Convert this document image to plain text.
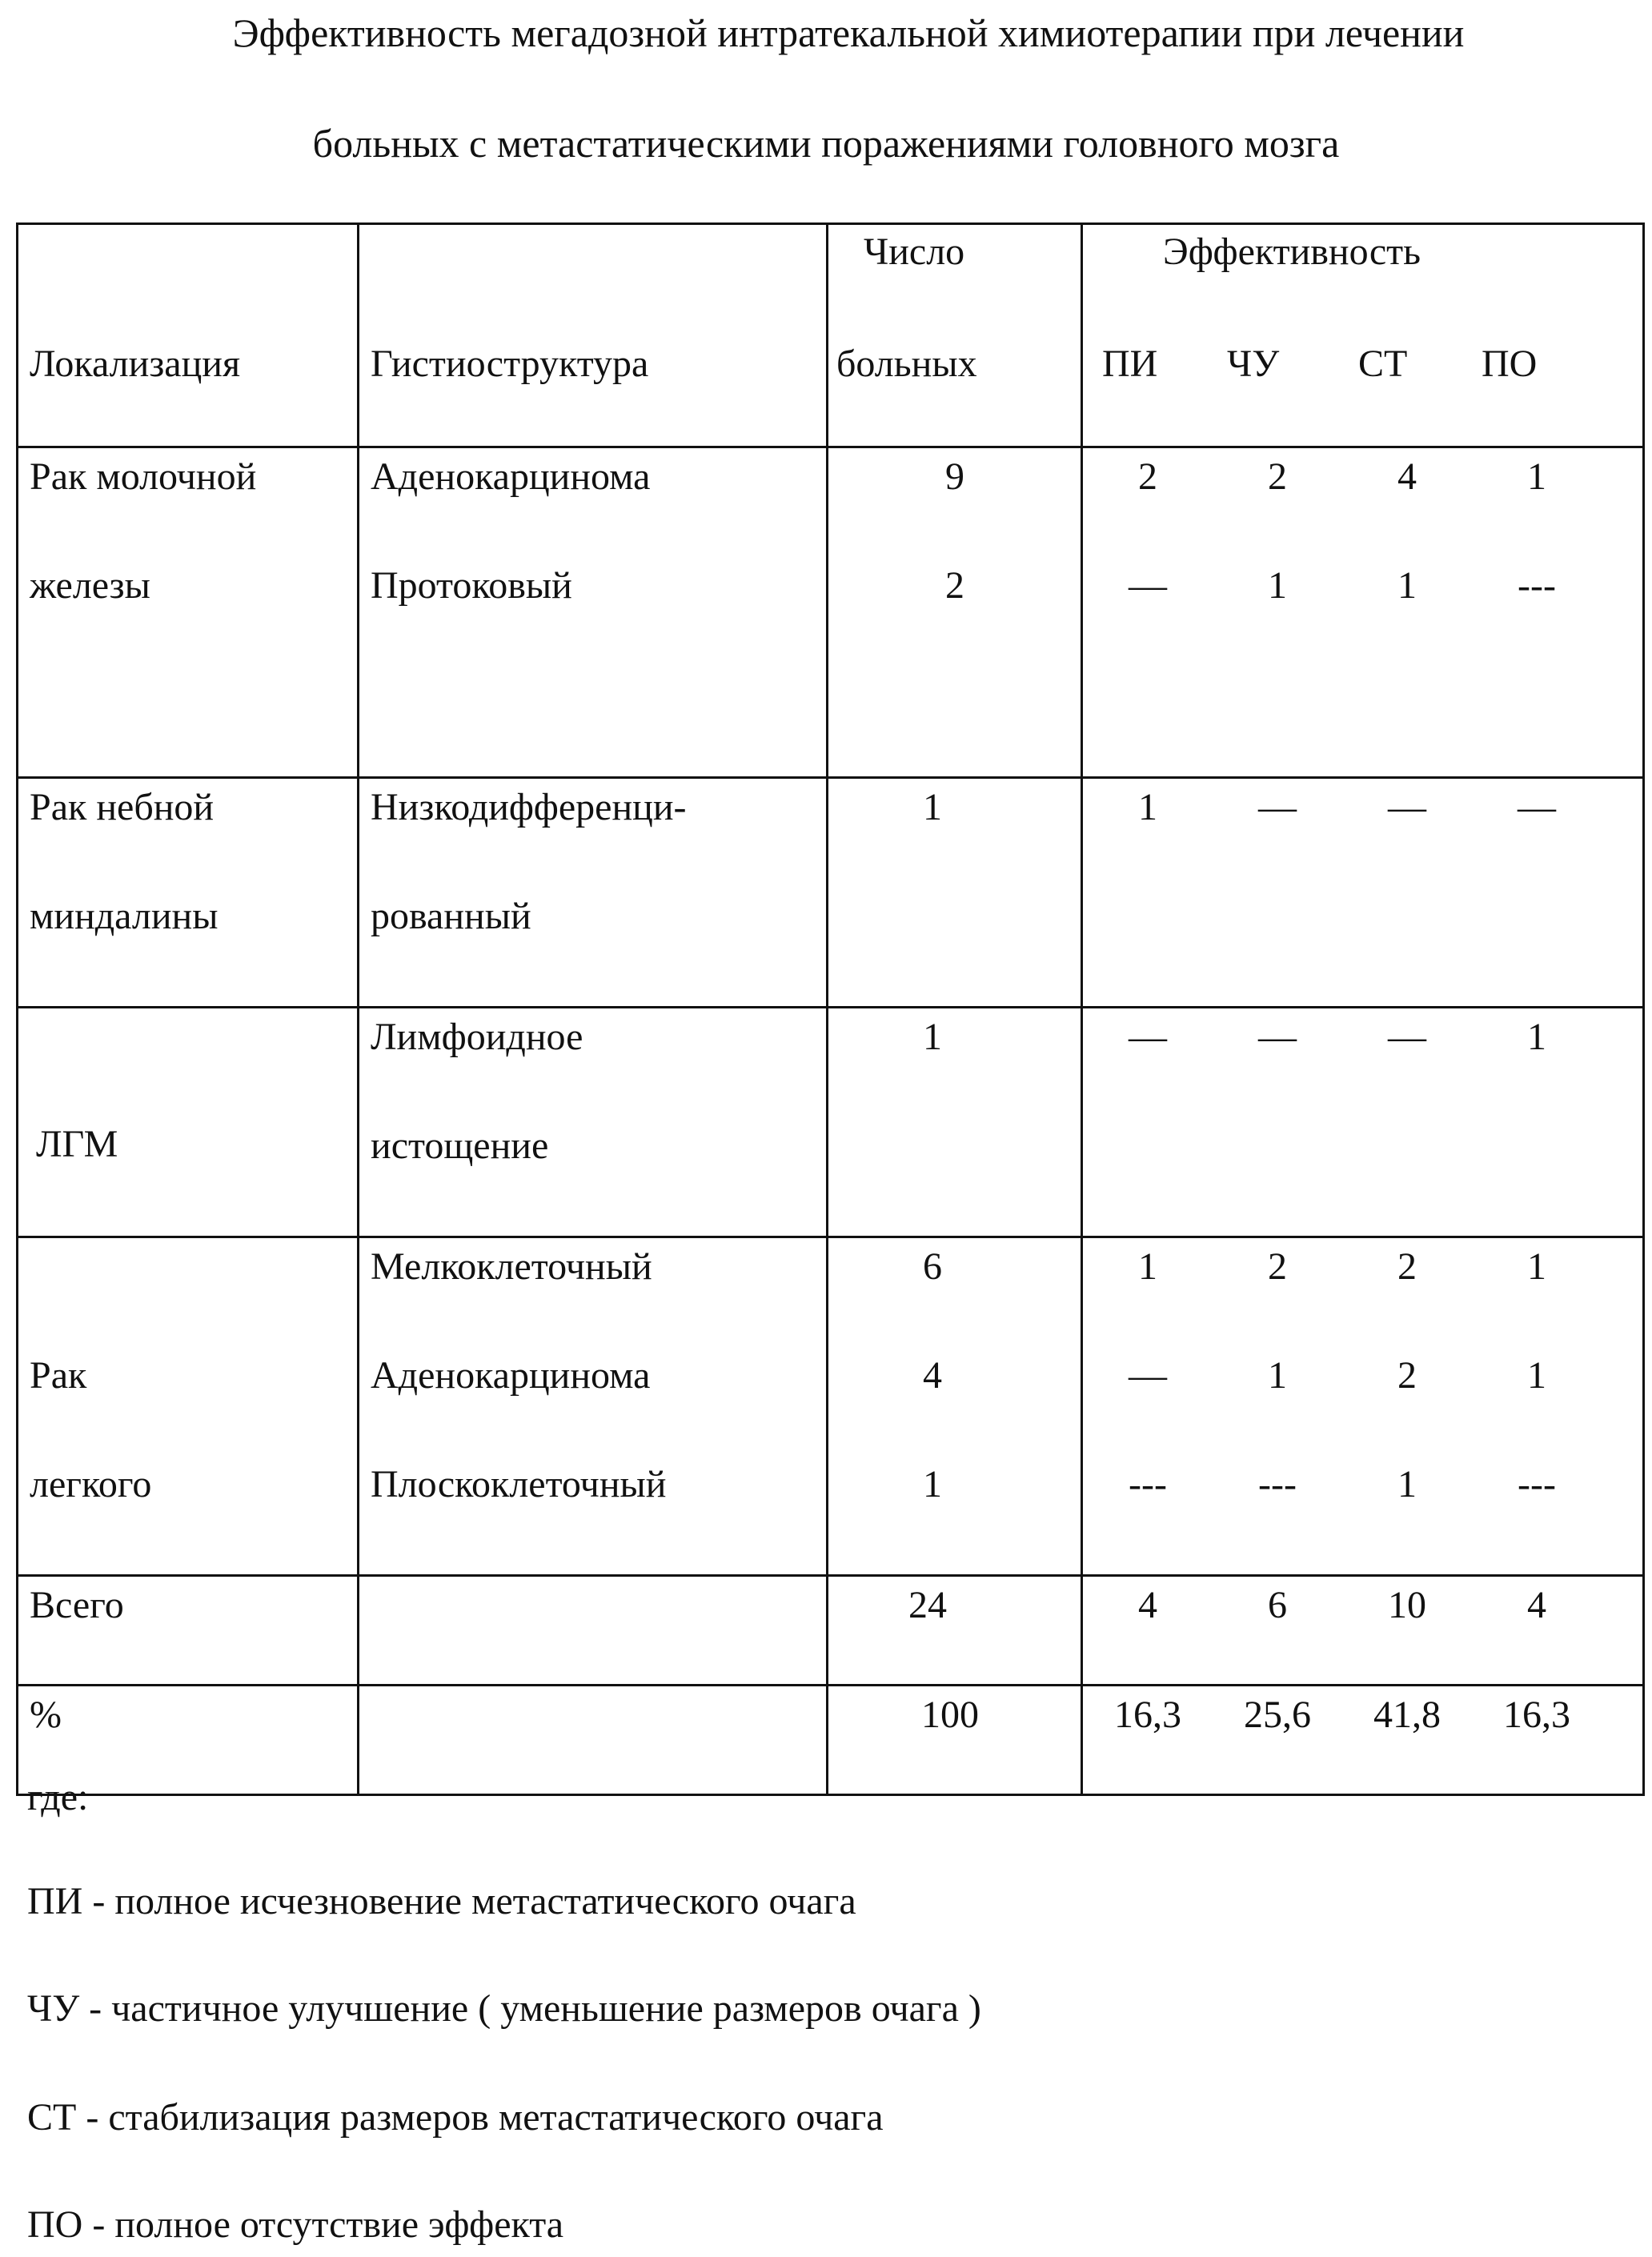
Эффективность мегадозной интратекальной химиотерапии при лечении
больных с метастатическими поражениями головного мозга
Локализация	Гистиоструктура

Число
больных

Эффективность
ПИ ЧУ СТ ПО

Рак молочной
железы

Аденокарцинома
Протоковый

9
2

2	2	4	1
—	1	1	---

Рак небной
миндалины

Низкодифференци-
рованный

1	1	—	—	—

ЛГМ

Лимфоидное
истощение

1	—	—	—	1

Рак
легкого

Мелкоклеточный
Аденокарцинома
Плоскоклеточный

6
4
1

1	2	2	1
—	1	2	1
---	---	1	---

Всего		24	4	6	10	4

%		100	16,3	25,6	41,8	16,3
где:
ПИ - полное исчезновение метастатического очага
ЧУ - частичное улучшение ( уменьшение размеров очага )
СТ - стабилизация размеров метастатического очага
ПО - полное отсутствие эффекта
